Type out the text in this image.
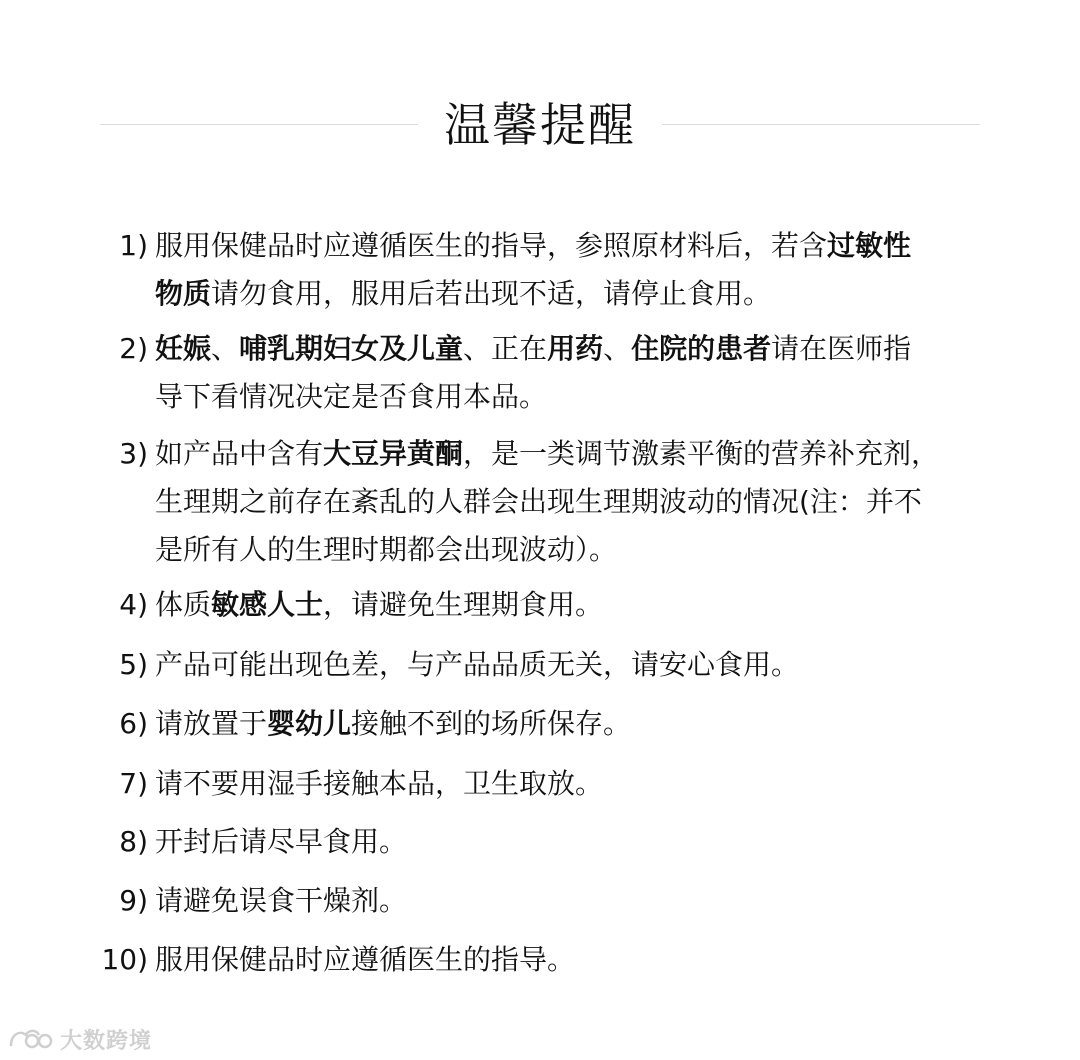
温馨提醒
1) 服用保健品时应遵循医生的指导，参照原材料后，若含过敏性
物质请勿食用，服用后若出现不适，请停止食用。
2) 妊娠、哺乳期妇女及儿童、正在用药、住院的患者请在医师指
导下看情况决定是否食用本品。
3) 如产品中含有大豆异黄酮，是一类调节激素平衡的营养补充剂，
生理期之前存在紊乱的人群会出现生理期波动的情况(注：并不
是所有人的生理时期都会出现波动）。
4) 体质敏感人士，请避免生理期食用。
5) 产品可能出现色差，与产品品质无关，请安心食用。
6) 请放置于婴幼儿接触不到的场所保存。
7) 请不要用湿手接触本品，卫生取放。
8) 开封后请尽早食用。
9) 请避免误食干燥剂。
10) 服用保健品时应遵循医生的指导。
大数跨境
